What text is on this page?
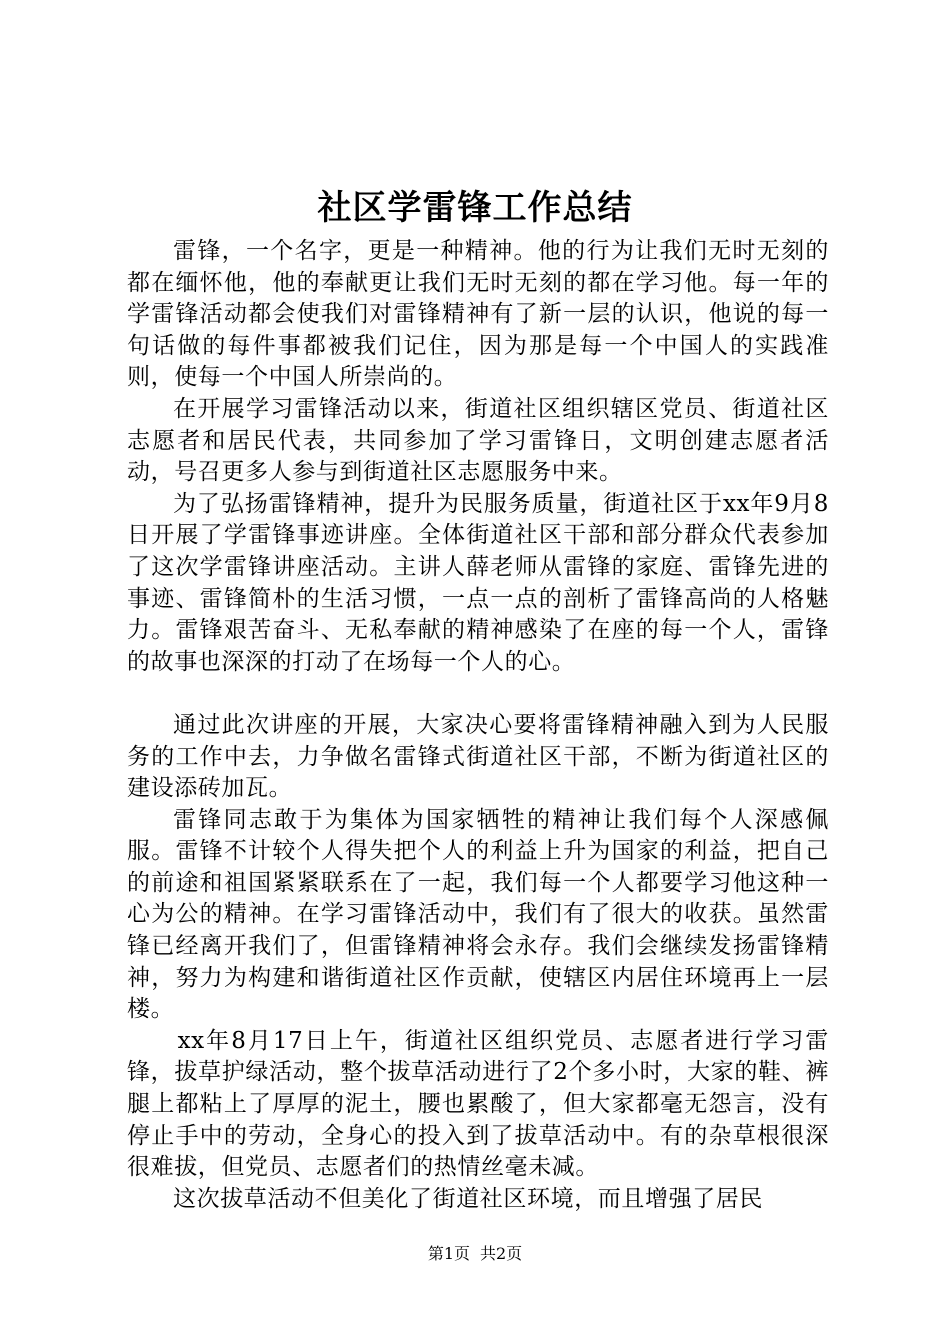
社区学雷锋工作总结

雷锋，一个名字，更是一种精神。他的行为让我们无时无刻的都在缅怀他，他的奉献更让我们无时无刻的都在学习他。每一年的学雷锋活动都会使我们对雷锋精神有了新一层的认识，他说的每一句话做的每件事都被我们记住，因为那是每一个中国人的实践准则，使每一个中国人所崇尚的。

在开展学习雷锋活动以来，街道社区组织辖区党员、街道社区志愿者和居民代表，共同参加了学习雷锋日，文明创建志愿者活动，号召更多人参与到街道社区志愿服务中来。

为了弘扬雷锋精神，提升为民服务质量，街道社区于xx年9月8日开展了学雷锋事迹讲座。全体街道社区干部和部分群众代表参加了这次学雷锋讲座活动。主讲人薛老师从雷锋的家庭、雷锋先进的事迹、雷锋简朴的生活习惯，一点一点的剖析了雷锋高尚的人格魅力。雷锋艰苦奋斗、无私奉献的精神感染了在座的每一个人，雷锋的故事也深深的打动了在场每一个人的心。

通过此次讲座的开展，大家决心要将雷锋精神融入到为人民服务的工作中去，力争做名雷锋式街道社区干部，不断为街道社区的建设添砖加瓦。

雷锋同志敢于为集体为国家牺牲的精神让我们每个人深感佩服。雷锋不计较个人得失把个人的利益上升为国家的利益，把自己的前途和祖国紧紧联系在了一起，我们每一个人都要学习他这种一心为公的精神。在学习雷锋活动中，我们有了很大的收获。虽然雷锋已经离开我们了，但雷锋精神将会永存。我们会继续发扬雷锋精神，努力为构建和谐街道社区作贡献，使辖区内居住环境再上一层楼。

xx年8月17日上午，街道社区组织党员、志愿者进行学习雷锋，拔草护绿活动，整个拔草活动进行了2个多小时，大家的鞋、裤腿上都粘上了厚厚的泥土，腰也累酸了，但大家都毫无怨言，没有停止手中的劳动，全身心的投入到了拔草活动中。有的杂草根很深很难拔，但党员、志愿者们的热情丝毫未减。

这次拔草活动不但美化了街道社区环境，而且增强了居民

第1页 共2页
